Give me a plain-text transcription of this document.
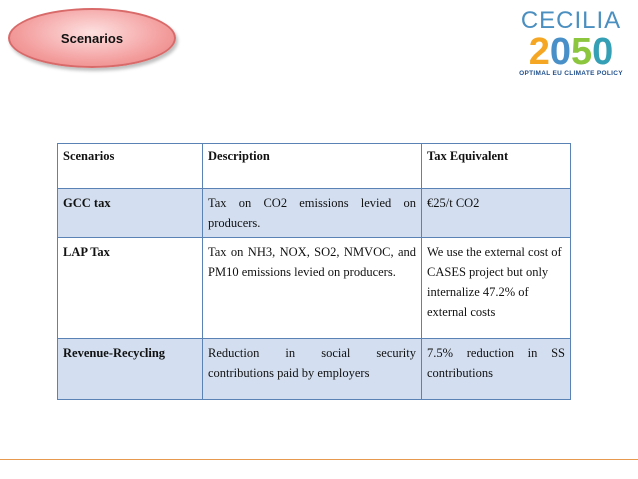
Scenarios
CECILIA
2 0 5 0
OPTIMAL EU CLIMATE POLICY
Scenarios	Description	Tax Equivalent
GCC tax	Tax on CO2 emissions levied on producers.	€25/t CO2
LAP Tax	Tax on NH3, NOX, SO2, NMVOC, and PM10 emissions levied on producers.	We use the external cost of CASES project but only internalize 47.2% of external costs
Revenue-Recycling	Reduction in social security contributions paid by employers	7.5% reduction in SS contributions
